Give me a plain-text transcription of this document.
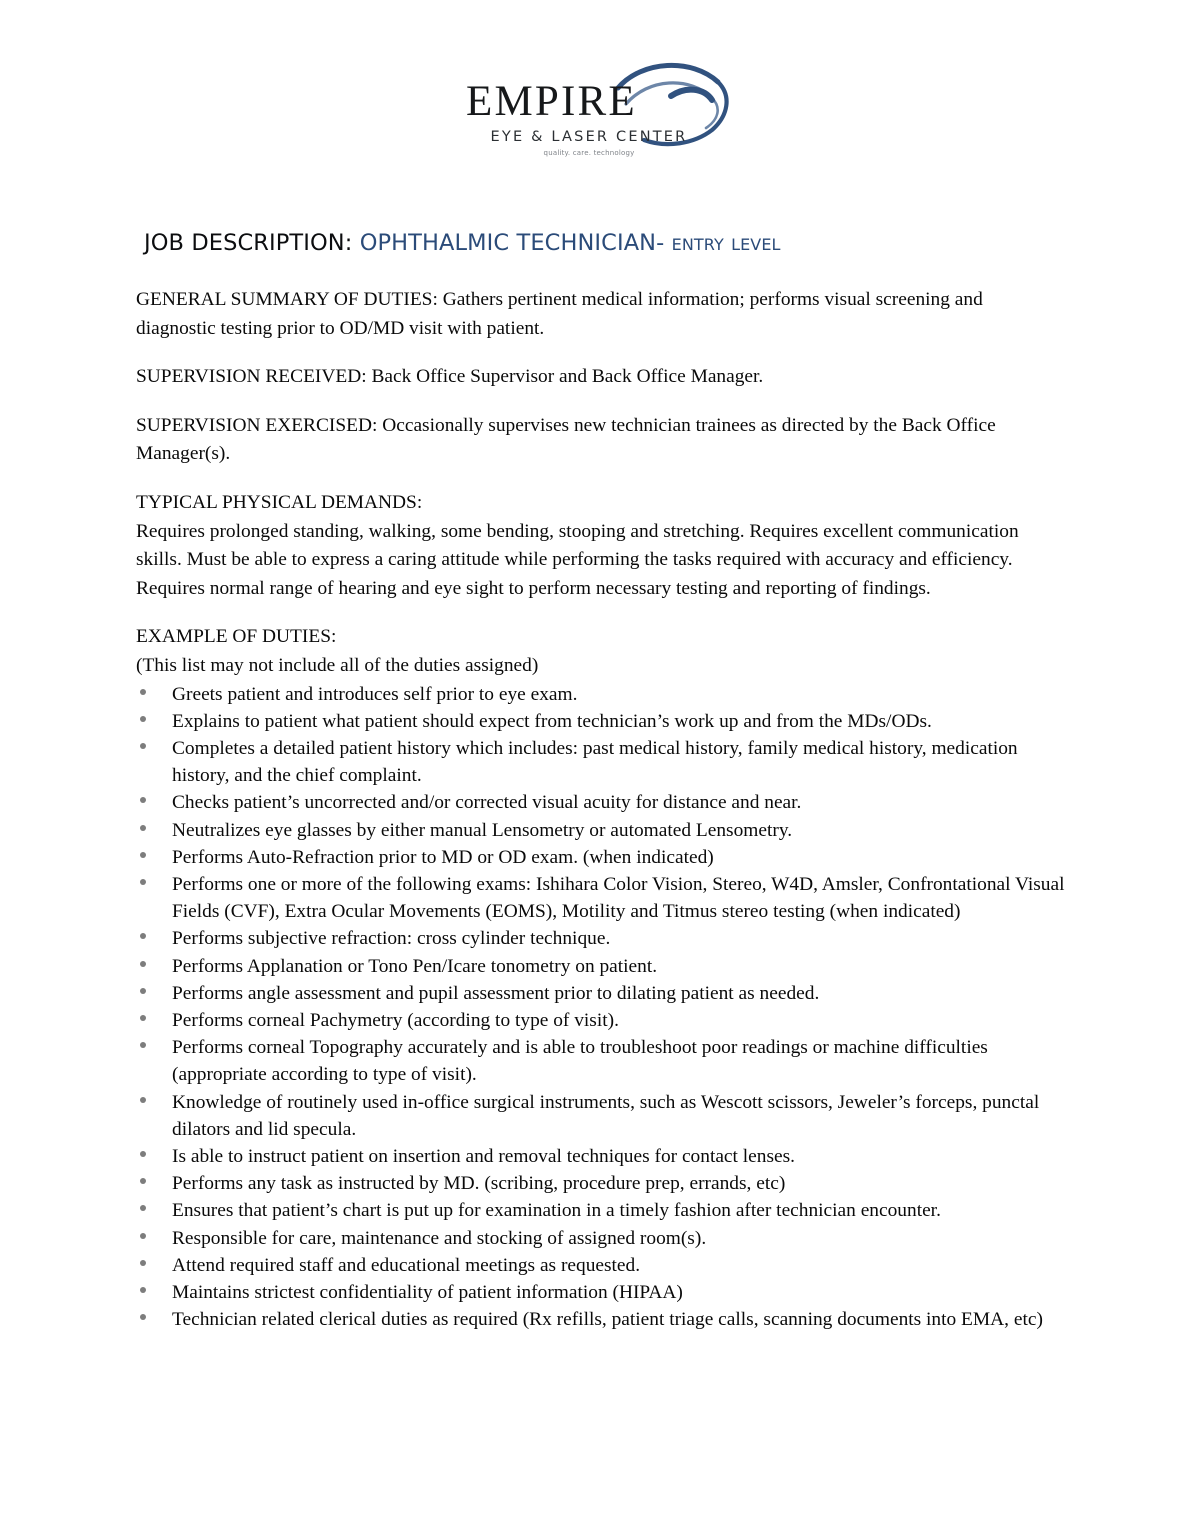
EMPIRE
EYE & LASER CENTER
quality. care. technology
JOB DESCRIPTION: OPHTHALMIC TECHNICIAN- entry level

GENERAL SUMMARY OF DUTIES: Gathers pertinent medical information; performs visual screening and diagnostic testing prior to OD/MD visit with patient.

SUPERVISION RECEIVED: Back Office Supervisor and Back Office Manager.

SUPERVISION EXERCISED: Occasionally supervises new technician trainees as directed by the Back Office Manager(s).

TYPICAL PHYSICAL DEMANDS:

Requires prolonged standing, walking, some bending, stooping and stretching. Requires excellent communication skills. Must be able to express a caring attitude while performing the tasks required with accuracy and efficiency. Requires normal range of hearing and eye sight to perform necessary testing and reporting of findings.

EXAMPLE OF DUTIES:

(This list may not include all of the duties assigned)

Greets patient and introduces self prior to eye exam.
Explains to patient what patient should expect from technician’s work up and from the MDs/ODs.
Completes a detailed patient history which includes: past medical history, family medical history, medication history, and the chief complaint.
Checks patient’s uncorrected and/or corrected visual acuity for distance and near.
Neutralizes eye glasses by either manual Lensometry or automated Lensometry.
Performs Auto-Refraction prior to MD or OD exam. (when indicated)
Performs one or more of the following exams: Ishihara Color Vision, Stereo, W4D, Amsler, Confrontational Visual Fields (CVF), Extra Ocular Movements (EOMS), Motility and Titmus stereo testing (when indicated)
Performs subjective refraction: cross cylinder technique.
Performs Applanation or Tono Pen/Icare tonometry on patient.
Performs angle assessment and pupil assessment prior to dilating patient as needed.
Performs corneal Pachymetry (according to type of visit).
Performs corneal Topography accurately and is able to troubleshoot poor readings or machine difficulties (appropriate according to type of visit).
Knowledge of routinely used in-office surgical instruments, such as Wescott scissors, Jeweler’s forceps, punctal dilators and lid specula.
Is able to instruct patient on insertion and removal techniques for contact lenses.
Performs any task as instructed by MD. (scribing, procedure prep, errands, etc)
Ensures that patient’s chart is put up for examination in a timely fashion after technician encounter.
Responsible for care, maintenance and stocking of assigned room(s).
Attend required staff and educational meetings as requested.
Maintains strictest confidentiality of patient information (HIPAA)
Technician related clerical duties as required (Rx refills, patient triage calls, scanning documents into EMA, etc)
